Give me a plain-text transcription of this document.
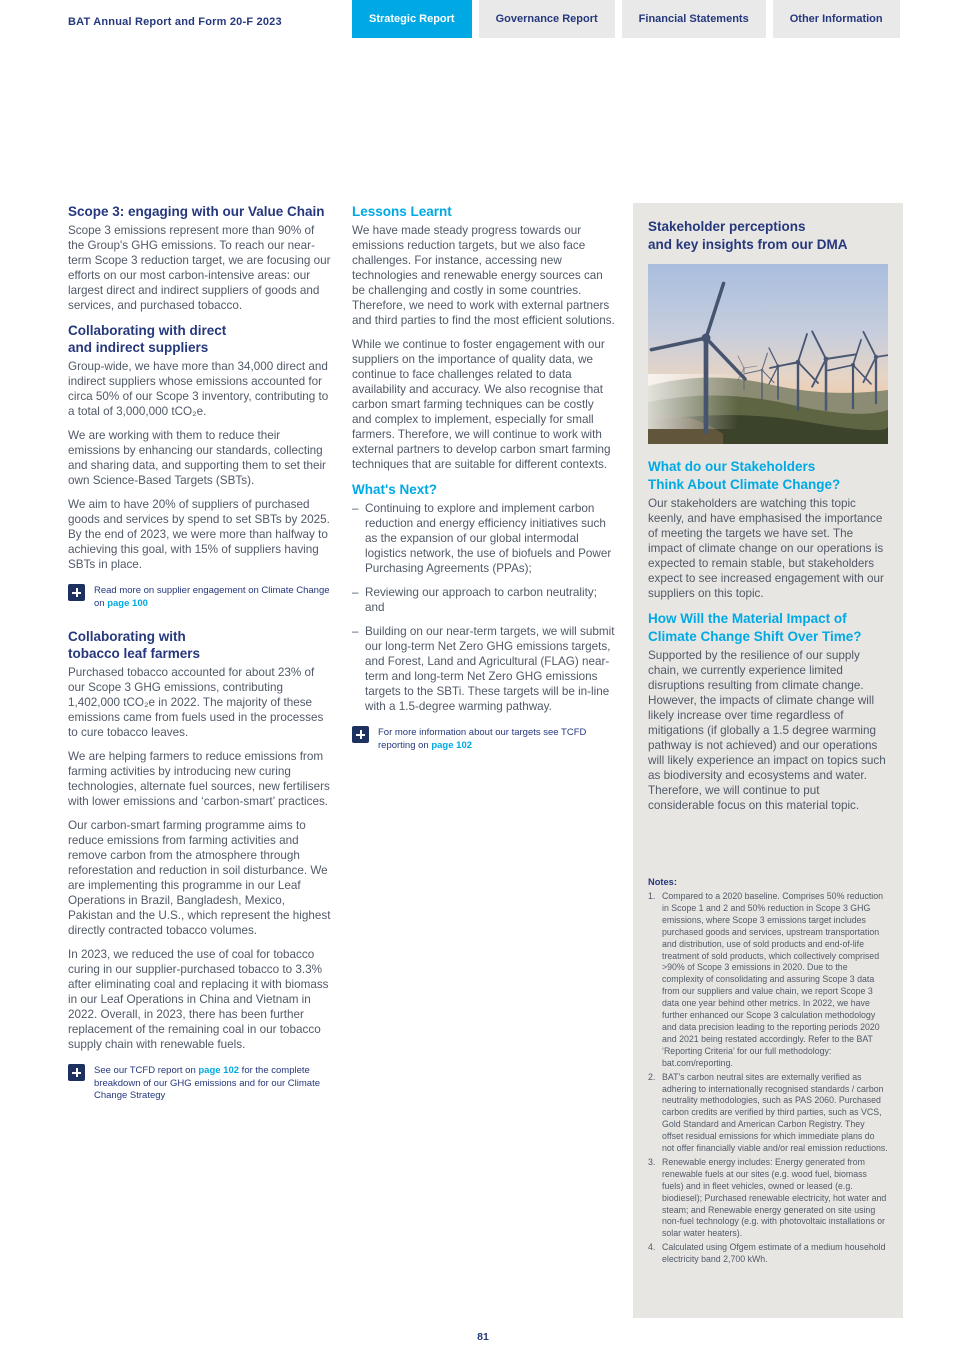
BAT Annual Report and Form 20-F 2023	Strategic Report	Governance Report	Financial Statements	Other Information
Scope 3: engaging with our Value Chain

Scope 3 emissions represent more than 90% of the Group's GHG emissions. To reach our near-term Scope 3 reduction target, we are focusing our efforts on our most carbon-intensive areas: our largest direct and indirect suppliers of goods and services, and purchased tobacco.

Collaborating with direct
and indirect suppliers

Group-wide, we have more than 34,000 direct and indirect suppliers whose emissions accounted for circa 50% of our Scope 3 inventory, contributing to a total of 3,000,000 tCO₂e.

We are working with them to reduce their emissions by enhancing our standards, collecting and sharing data, and supporting them to set their own Science-Based Targets (SBTs).

We aim to have 20% of suppliers of purchased goods and services by spend to set SBTs by 2025. By the end of 2023, we were more than halfway to achieving this goal, with 15% of suppliers having SBTs in place.

Read more on supplier engagement on Climate Change on page 100
Collaborating with
tobacco leaf farmers

Purchased tobacco accounted for about 23% of our Scope 3 GHG emissions, contributing 1,402,000 tCO₂e in 2022. The majority of these emissions came from fuels used in the processes to cure tobacco leaves.

We are helping farmers to reduce emissions from farming activities by introducing new curing technologies, alternate fuel sources, new fertilisers with lower emissions and ‘carbon-smart’ practices.

Our carbon-smart farming programme aims to reduce emissions from farming activities and remove carbon from the atmosphere through reforestation and reduction in soil disturbance. We are implementing this programme in our Leaf Operations in Brazil, Bangladesh, Mexico, Pakistan and the U.S., which represent the highest directly contracted tobacco volumes.

In 2023, we reduced the use of coal for tobacco curing in our supplier-purchased tobacco to 3.3% after eliminating coal and replacing it with biomass in our Leaf Operations in China and Vietnam in 2022. Overall, in 2023, there has been further replacement of the remaining coal in our tobacco supply chain with renewable fuels.

See our TCFD report on page 102 for the complete breakdown of our GHG emissions and for our Climate Change Strategy
Lessons Learnt

We have made steady progress towards our emissions reduction targets, but we also face challenges. For instance, accessing new technologies and renewable energy sources can be challenging and costly in some countries. Therefore, we need to work with external partners and third parties to find the most efficient solutions.

While we continue to foster engagement with our suppliers on the importance of quality data, we continue to face challenges related to data availability and accuracy. We also recognise that carbon smart farming techniques can be costly and complex to implement, especially for small farmers. Therefore, we will continue to work with external partners to develop carbon smart farming techniques that are suitable for different contexts.

What's Next?
– Continuing to explore and implement carbon reduction and energy efficiency initiatives such as the expansion of our global intermodal logistics network, the use of biofuels and Power Purchasing Agreements (PPAs);
– Reviewing our approach to carbon neutrality; and
– Building on our near-term targets, we will submit our long-term Net Zero GHG emissions targets, and Forest, Land and Agricultural (FLAG) near-term and long-term Net Zero GHG emissions targets to the SBTi. These targets will be in-line with a 1.5-degree warming pathway.
For more information about our targets see TCFD reporting on page 102
Stakeholder perceptions
and key insights from our DMA
What do our Stakeholders
Think About Climate Change?

Our stakeholders are watching this topic keenly, and have emphasised the importance of meeting the targets we have set. The impact of climate change on our operations is expected to remain stable, but stakeholders expect to see increased engagement with our suppliers on this topic.

How Will the Material Impact of
Climate Change Shift Over Time?

Supported by the resilience of our supply chain, we currently experience limited disruptions resulting from climate change. However, the impacts of climate change will likely increase over time regardless of mitigations (if globally a 1.5 degree warming pathway is not achieved) and our operations will likely experience an impact on topics such as biodiversity and ecosystems and water. Therefore, we will continue to put considerable focus on this material topic.

Notes:
1. Compared to a 2020 baseline. Comprises 50% reduction in Scope 1 and 2 and 50% reduction in Scope 3 GHG emissions, where Scope 3 emissions target includes purchased goods and services, upstream transportation and distribution, use of sold products and end-of-life treatment of sold products, which collectively comprised >90% of Scope 3 emissions in 2020. Due to the complexity of consolidating and assuring Scope 3 data from our suppliers and value chain, we report Scope 3 data one year behind other metrics. In 2022, we have further enhanced our Scope 3 calculation methodology and data precision leading to the reporting periods 2020 and 2021 being restated accordingly. Refer to the BAT ‘Reporting Criteria’ for our full methodology: bat.com/reporting.
2. BAT's carbon neutral sites are externally verified as adhering to internationally recognised standards / carbon neutrality methodologies, such as PAS 2060. Purchased carbon credits are verified by third parties, such as VCS, Gold Standard and American Carbon Registry. They offset residual emissions for which immediate plans do not offer financially viable and/or real emission reductions.
3. Renewable energy includes: Energy generated from renewable fuels at our sites (e.g. wood fuel, biomass fuels) and in fleet vehicles, owned or leased (e.g. biodiesel); Purchased renewable electricity, hot water and steam; and Renewable energy generated on site using non-fuel technology (e.g. with photovoltaic installations or solar water heaters).
4. Calculated using Ofgem estimate of a medium household electricity band 2,700 kWh.
81
